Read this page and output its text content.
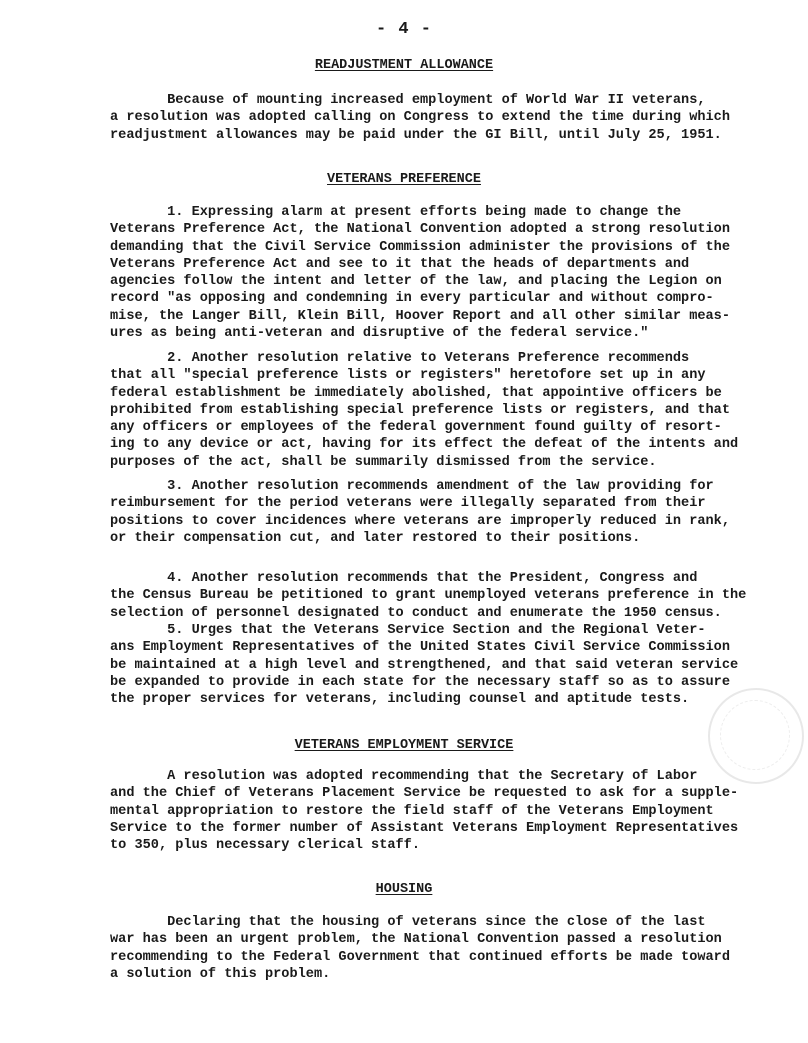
- 4 -
READJUSTMENT ALLOWANCE
Because of mounting increased employment of World War II veterans,
a resolution was adopted calling on Congress to extend the time during which
readjustment allowances may be paid under the GI Bill, until July 25, 1951.
VETERANS PREFERENCE
1. Expressing alarm at present efforts being made to change the
Veterans Preference Act, the National Convention adopted a strong resolution
demanding that the Civil Service Commission administer the provisions of the
Veterans Preference Act and see to it that the heads of departments and
agencies follow the intent and letter of the law, and placing the Legion on
record "as opposing and condemning in every particular and without compro-
mise, the Langer Bill, Klein Bill, Hoover Report and all other similar meas-
ures as being anti-veteran and disruptive of the federal service."
2. Another resolution relative to Veterans Preference recommends
that all "special preference lists or registers" heretofore set up in any
federal establishment be immediately abolished, that appointive officers be
prohibited from establishing special preference lists or registers, and that
any officers or employees of the federal government found guilty of resort-
ing to any device or act, having for its effect the defeat of the intents and
purposes of the act, shall be summarily dismissed from the service.
3. Another resolution recommends amendment of the law providing for
reimbursement for the period veterans were illegally separated from their
positions to cover incidences where veterans are improperly reduced in rank,
or their compensation cut, and later restored to their positions.
4. Another resolution recommends that the President, Congress and
the Census Bureau be petitioned to grant unemployed veterans preference in the
selection of personnel designated to conduct and enumerate the 1950 census.
5. Urges that the Veterans Service Section and the Regional Veter-
ans Employment Representatives of the United States Civil Service Commission
be maintained at a high level and strengthened, and that said veteran service
be expanded to provide in each state for the necessary staff so as to assure
the proper services for veterans, including counsel and aptitude tests.
VETERANS EMPLOYMENT SERVICE
A resolution was adopted recommending that the Secretary of Labor
and the Chief of Veterans Placement Service be requested to ask for a supple-
mental appropriation to restore the field staff of the Veterans Employment
Service to the former number of Assistant Veterans Employment Representatives
to 350, plus necessary clerical staff.
HOUSING
Declaring that the housing of veterans since the close of the last
war has been an urgent problem, the National Convention passed a resolution
recommending to the Federal Government that continued efforts be made toward
a solution of this problem.
